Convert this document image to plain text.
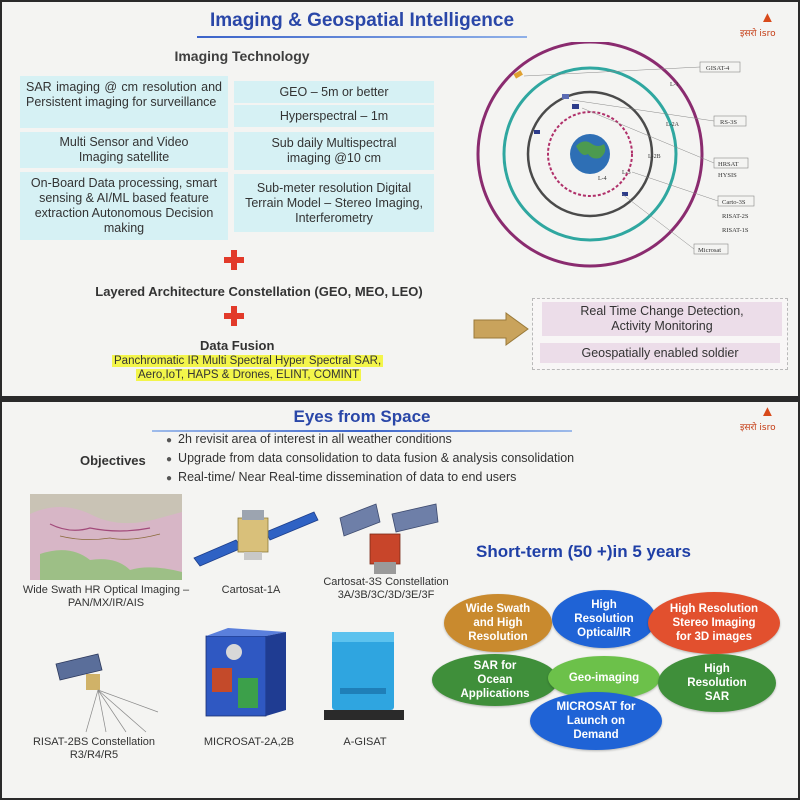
Imaging & Geospatial Intelligence	▲
इसरो isro
Imaging Technology
SAR imaging @ cm resolution and Persistent imaging for surveillance
Multi Sensor and Video Imaging satellite
On-Board Data processing, smart sensing & AI/ML based feature extraction Autonomous Decision making
GEO – 5m or better
Hyperspectral – 1m
Sub daily Multispectral imaging @10 cm
Sub-meter resolution Digital Terrain Model – Stereo Imaging, Interferometry
Layered Architecture Constellation (GEO, MEO, LEO)
Data Fusion
Panchromatic IR Multi Spectral Hyper Spectral SAR,
Aero,IoT, HAPS & Drones, ELINT, COMINT
Real Time Change Detection, Activity Monitoring
Geospatially enabled soldier
L-1
L-2A
L-2B
L-3
L-4
GISAT-4
RS-3S
HRSAT
HYSIS
Carto-3S
RISAT-2S
RISAT-1S
Microsat
Eyes from Space	▲
इसरो isro
Objectives
● 2h revisit area of interest in all weather conditions
● Upgrade from data consolidation to data fusion & analysis consolidation
● Real-time/ Near Real-time dissemination of data to end users
Wide Swath HR Optical Imaging – PAN/MX/IR/AIS
Cartosat-1A
Cartosat-3S Constellation 3A/3B/3C/3D/3E/3F
Short-term (50 +)in 5 years
RISAT-2BS Constellation R3/R4/R5
MICROSAT-2A,2B	A-GISAT
Wide Swath and High Resolution
High Resolution Optical/IR
High Resolution Stereo Imaging for 3D images
SAR for Ocean Applications
Geo-imaging
High Resolution SAR
MICROSAT for Launch on Demand
